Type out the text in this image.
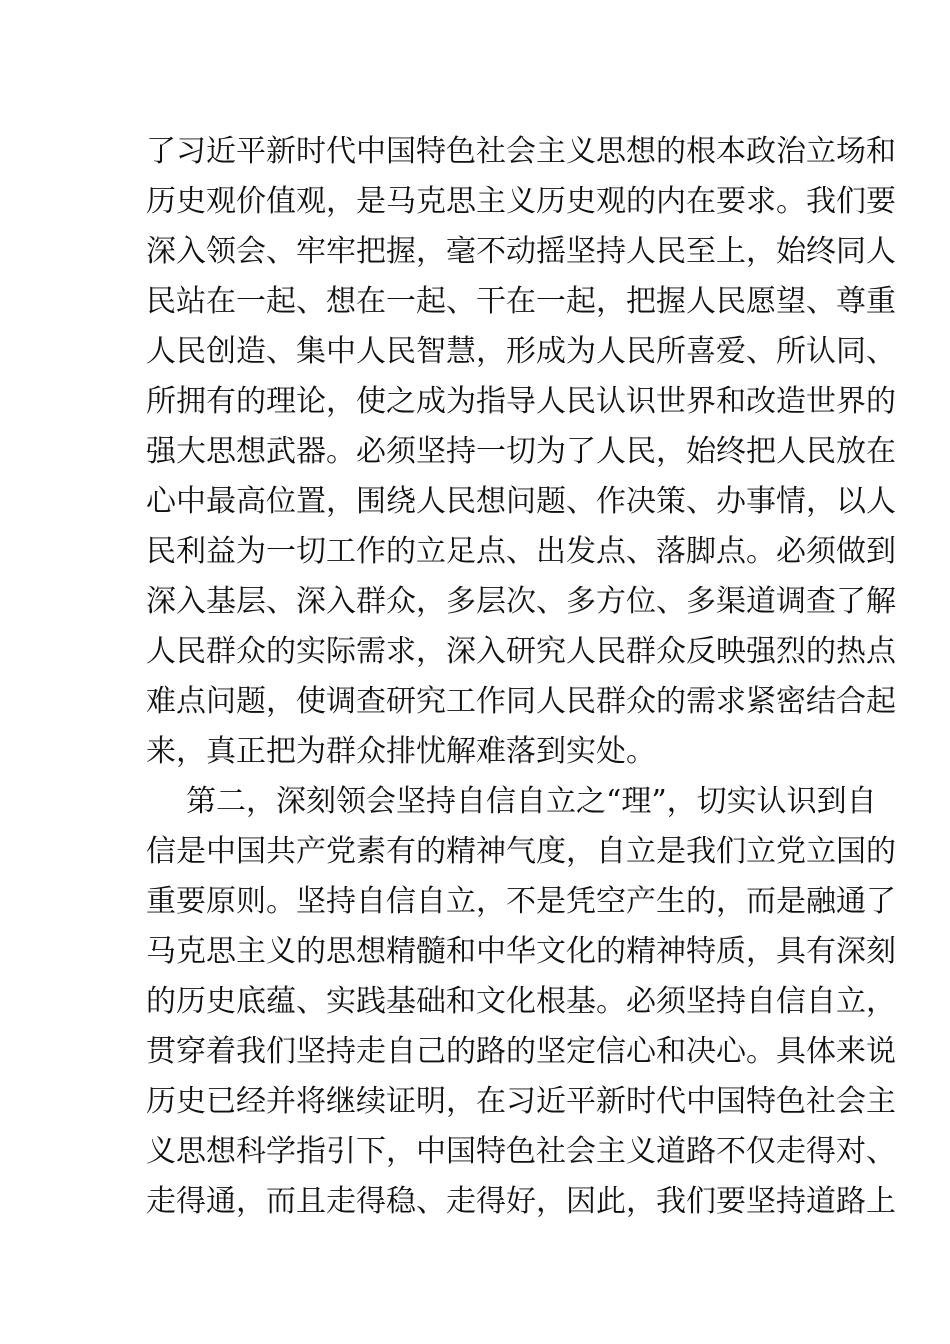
了习近平新时代中国特色社会主义思想的根本政治立场和
历史观价值观，是马克思主义历史观的内在要求。我们要
深入领会、牢牢把握，毫不动摇坚持人民至上，始终同人
民站在一起、想在一起、干在一起，把握人民愿望、尊重
人民创造、集中人民智慧，形成为人民所喜爱、所认同、
所拥有的理论，使之成为指导人民认识世界和改造世界的
强大思想武器。必须坚持一切为了人民，始终把人民放在
心中最高位置，围绕人民想问题、作决策、办事情，以人
民利益为一切工作的立足点、出发点、落脚点。必须做到
深入基层、深入群众，多层次、多方位、多渠道调查了解
人民群众的实际需求，深入研究人民群众反映强烈的热点
难点问题，使调查研究工作同人民群众的需求紧密结合起
来，真正把为群众排忧解难落到实处。
第二，深刻领会坚持自信自立之“理”，切实认识到自
信是中国共产党素有的精神气度，自立是我们立党立国的
重要原则。坚持自信自立，不是凭空产生的，而是融通了
马克思主义的思想精髓和中华文化的精神特质，具有深刻
的历史底蕴、实践基础和文化根基。必须坚持自信自立，
贯穿着我们坚持走自己的路的坚定信心和决心。具体来说
历史已经并将继续证明，在习近平新时代中国特色社会主
义思想科学指引下，中国特色社会主义道路不仅走得对、
走得通，而且走得稳、走得好，因此，我们要坚持道路上
